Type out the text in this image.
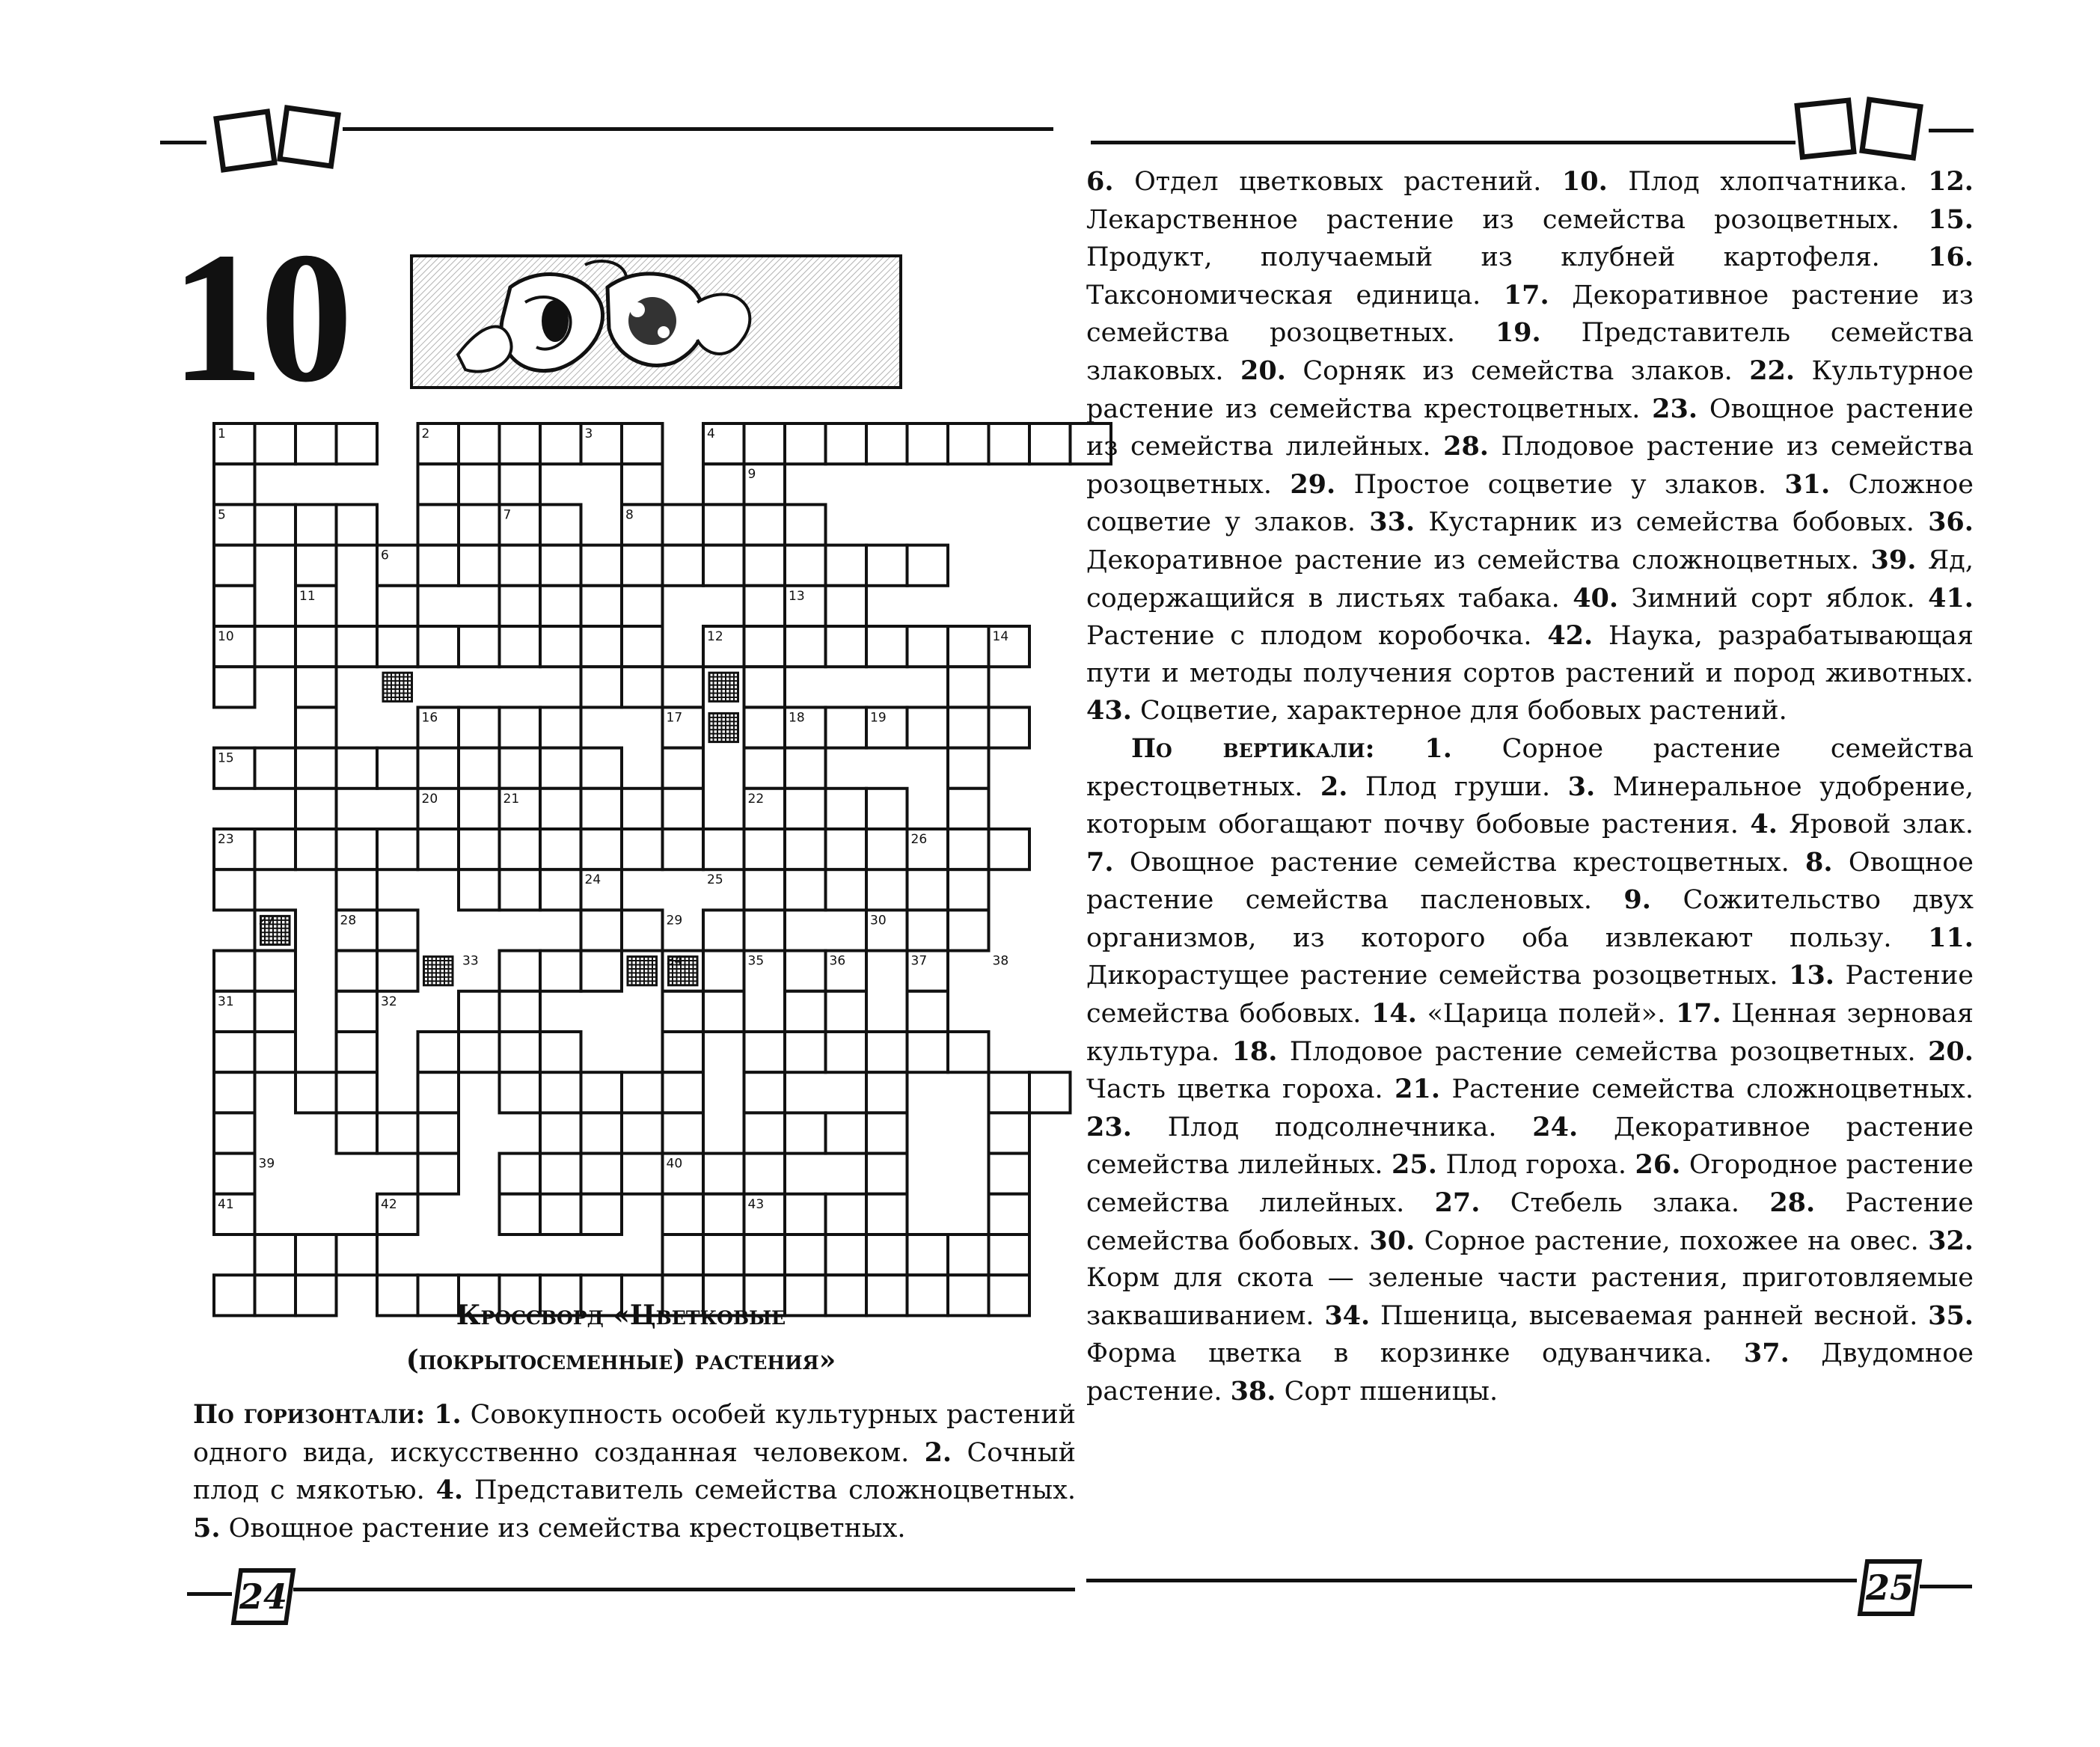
10
1	2	3	4
9
5	7	8
6
11	13
10	12	14
16	17	18	19
15
20	21	22
26
23
24	25
27	28	29	30
33	34	35	36	37	38
31	32
39	40
41	42	43
Кроссворд «Цветковые
(покрытосеменные) растения»
По горизонтали: 1. Совокупность особей культурных растений одного вида, искусственно созданная человеком. 2. Сочный плод с мякотью. 4. Представитель семейства сложноцветных. 5. Овощное растение из семейства крестоцветных.
6. Отдел цветковых растений. 10. Плод хлопчатника. 12. Лекарственное растение из семейства розоцветных. 15. Продукт, получаемый из клубней картофеля. 16. Таксономическая единица. 17. Декоративное растение из семейства розоцветных. 19. Представитель семейства злаковых. 20. Сорняк из семейства злаков. 22. Культурное растение из семейства крестоцветных. 23. Овощное растение из семейства лилейных. 28. Плодовое растение из семейства розоцветных. 29. Простое соцветие у злаков. 31. Сложное соцветие у злаков. 33. Кустарник из семейства бобовых. 36. Декоративное растение из семейства сложноцветных. 39. Яд, содержащийся в листьях табака. 40. Зимний сорт яблок. 41. Растение с плодом коробочка. 42. Наука, разрабатывающая пути и методы получения сортов растений и пород животных. 43. Соцветие, характерное для бобовых растений.
По вертикали: 1. Сорное растение семейства крестоцветных. 2. Плод груши. 3. Минеральное удобрение, которым обогащают почву бобовые растения. 4. Яровой злак. 7. Овощное растение семейства крестоцветных. 8. Овощное растение семейства пасленовых. 9. Сожительство двух организмов, из которого оба извлекают пользу. 11. Дикорастущее растение семейства розоцветных. 13. Растение семейства бобовых. 14. «Царица полей». 17. Ценная зерновая культура. 18. Плодовое растение семейства розоцветных. 20. Часть цветка гороха. 21. Растение семейства сложноцветных. 23. Плод подсолнечника. 24. Декоративное растение семейства лилейных. 25. Плод гороха. 26. Огородное растение семейства лилейных. 27. Стебель злака. 28. Растение семейства бобовых. 30. Сорное растение, похожее на овес. 32. Корм для скота — зеленые части растения, приготовляемые заквашиванием. 34. Пшеница, высеваемая ранней весной. 35. Форма цветка в корзинке одуванчика. 37. Двудомное растение. 38. Сорт пшеницы.
24	25
